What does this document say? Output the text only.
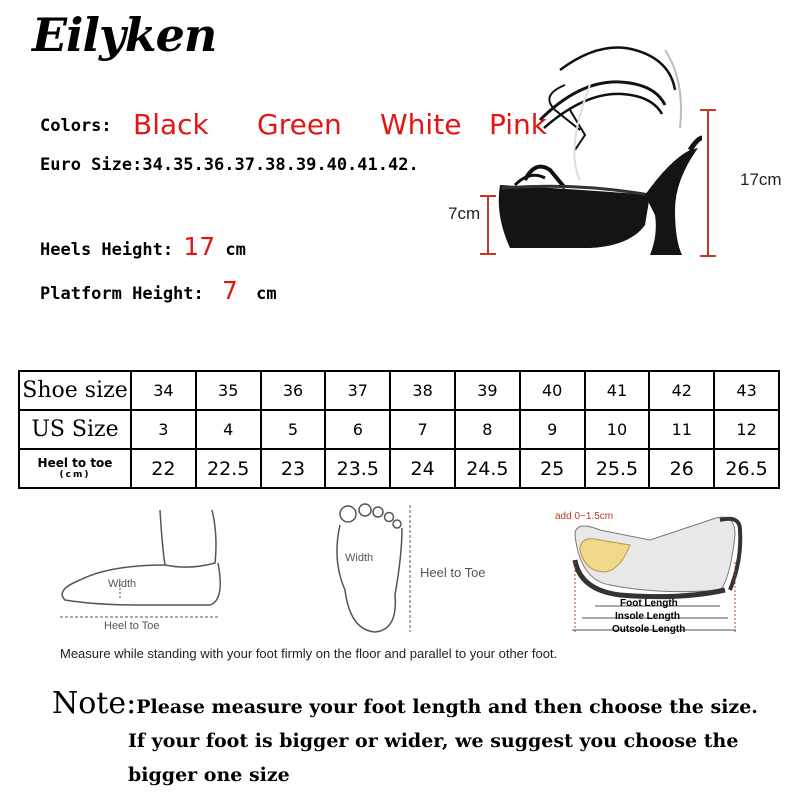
Eilyken
Colors: Black Green White Pink
Euro Size:34.35.36.37.38.39.40.41.42.
Heels Height: 17 cm
Platform Height: 7 cm
7cm
17cm
Shoe size	34	35	36	37	38	39	40	41	42	43
US Size	3	4	5	6	7	8	9	10	11	12

Heel to toe
(cm)	22	22.5	23	23.5	24	24.5	25	25.5	26	26.5
Width
Heel to Toe
Width
Heel to Toe
add 0~1.5cm
Foot Length
Insole Length
Outsole Length
Measure while standing with your foot firmly on the floor and parallel to your other foot.
Note:Please measure your foot length and then choose the size.
If your foot is bigger or wider, we suggest you choose the
bigger one size
